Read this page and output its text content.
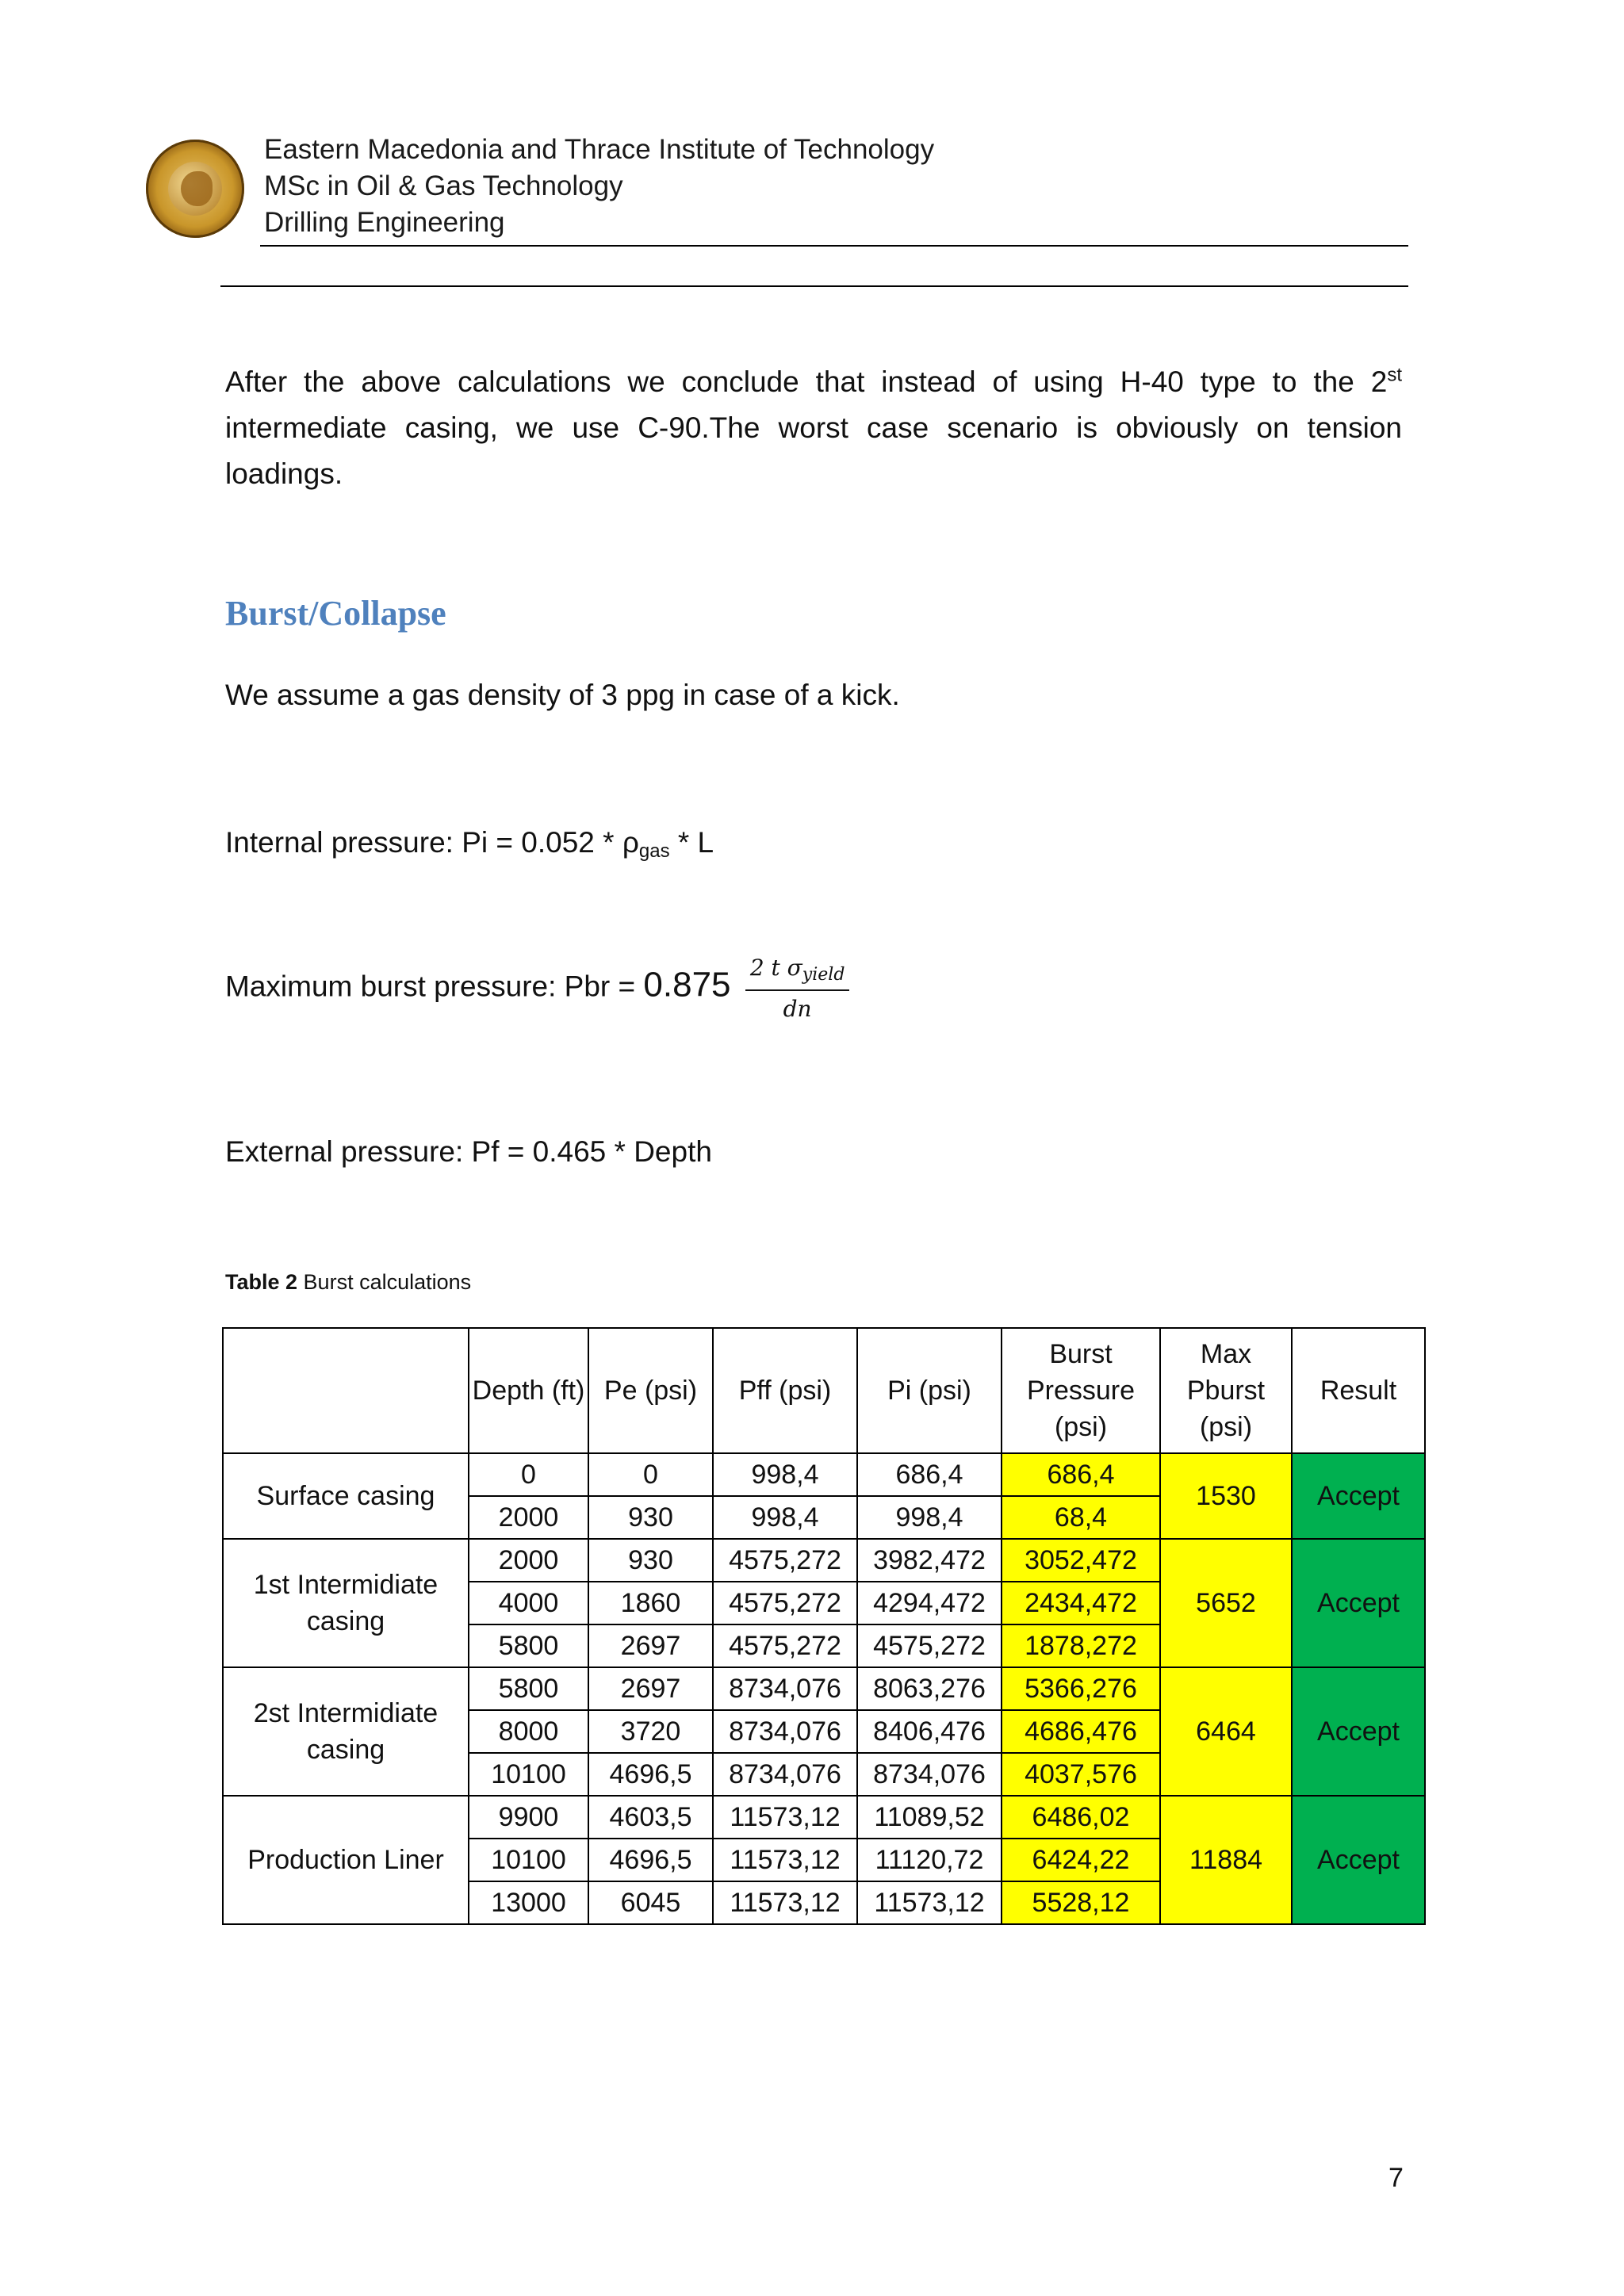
Eastern Macedonia and Thrace Institute of Technology
MSc in Oil & Gas Technology
Drilling Engineering
After the above calculations we conclude that instead of using H-40 type to the 2st intermediate casing, we use C-90.The worst case scenario is obviously on tension loadings.
Burst/Collapse
We assume a gas density of 3 ppg in case of a kick.
Internal pressure: $Pi = 0.052 * \rho_{gas} * L$
Maximum burst pressure: Pbr = $0.875 \frac{2 t \sigma_{yield}}{dn}$
External pressure: Pf = 0.465 * Depth
Table 2 Burst calculations
	Depth (ft)	Pe (psi)	Pff (psi)	Pi (psi)	Burst Pressure (psi)	Max Pburst (psi)	Result
Surface casing	0	0	998,4	686,4	686,4	1530	Accept
	2000	930	998,4	998,4	68,4		
1st Intermidiate casing	2000	930	4575,272	3982,472	3052,472	5652	Accept
	4000	1860	4575,272	4294,472	2434,472		
	5800	2697	4575,272	4575,272	1878,272		
2st Intermidiate casing	5800	2697	8734,076	8063,276	5366,276	6464	Accept
	8000	3720	8734,076	8406,476	4686,476		
	10100	4696,5	8734,076	8734,076	4037,576		
Production Liner	9900	4603,5	11573,12	11089,52	6486,02	11884	Accept
	10100	4696,5	11573,12	11120,72	6424,22		
	13000	6045	11573,12	11573,12	5528,12		
7
